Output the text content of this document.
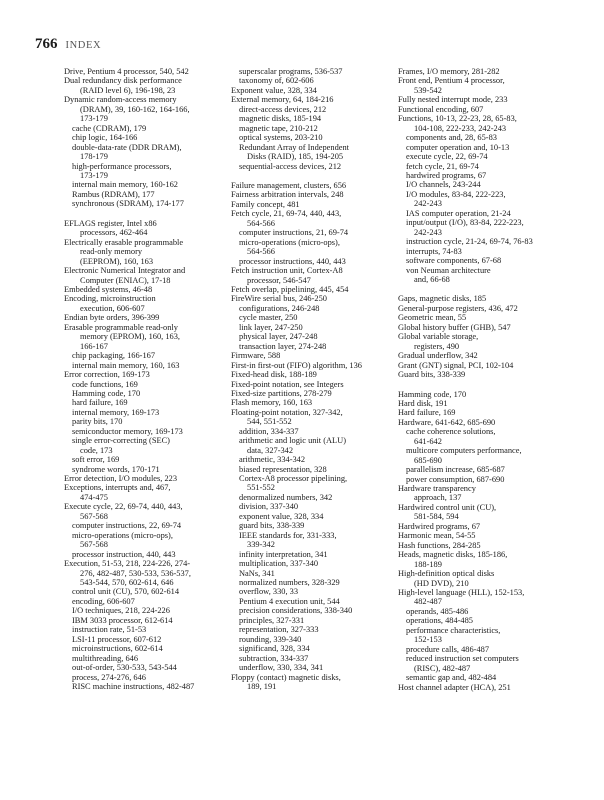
766 INDEX
Drive, Pentium 4 processor, 540, 542
Dual redundancy disk performance
(RAID level 6), 196-198, 23
Dynamic random-access memory
(DRAM), 39, 160-162, 164-166,
173-179
cache (CDRAM), 179
chip logic, 164-166
double-data-rate (DDR DRAM),
178-179
high-performance processors,
173-179
internal main memory, 160-162
Rambus (RDRAM), 177
synchronous (SDRAM), 174-177
EFLAGS register, Intel x86
processors, 462-464
Electrically erasable programmable
read-only memory
(EEPROM), 160, 163
Electronic Numerical Integrator and
Computer (ENIAC), 17-18
Embedded systems, 46-48
Encoding, microinstruction
execution, 606-607
Endian byte orders, 396-399
Erasable programmable read-only
memory (EPROM), 160, 163,
166-167
chip packaging, 166-167
internal main memory, 160, 163
Error correction, 169-173
code functions, 169
Hamming code, 170
hard failure, 169
internal memory, 169-173
parity bits, 170
semiconductor memory, 169-173
single error-correcting (SEC)
code, 173
soft error, 169
syndrome words, 170-171
Error detection, I/O modules, 223
Exceptions, interrupts and, 467,
474-475
Execute cycle, 22, 69-74, 440, 443,
567-568
computer instructions, 22, 69-74
micro-operations (micro-ops),
567-568
processor instruction, 440, 443
Execution, 51-53, 218, 224-226, 274-
276, 482-487, 530-533, 536-537,
543-544, 570, 602-614, 646
control unit (CU), 570, 602-614
encoding, 606-607
I/O techniques, 218, 224-226
IBM 3033 processor, 612-614
instruction rate, 51-53
LSI-11 processor, 607-612
microinstructions, 602-614
multithreading, 646
out-of-order, 530-533, 543-544
process, 274-276, 646
RISC machine instructions, 482-487
superscalar programs, 536-537
taxonomy of, 602-606
Exponent value, 328, 334
External memory, 64, 184-216
direct-access devices, 212
magnetic disks, 185-194
magnetic tape, 210-212
optical systems, 203-210
Redundant Array of Independent
Disks (RAID), 185, 194-205
sequential-access devices, 212
Failure management, clusters, 656
Fairness arbitration intervals, 248
Family concept, 481
Fetch cycle, 21, 69-74, 440, 443,
564-566
computer instructions, 21, 69-74
micro-operations (micro-ops),
564-566
processor instructions, 440, 443
Fetch instruction unit, Cortex-A8
processor, 546-547
Fetch overlap, pipelining, 445, 454
FireWire serial bus, 246-250
configurations, 246-248
cycle master, 250
link layer, 247-250
physical layer, 247-248
transaction layer, 274-248
Firmware, 588
First-in first-out (FIFO) algorithm, 136
Fixed-head disk, 188-189
Fixed-point notation, see Integers
Fixed-size partitions, 278-279
Flash memory, 160, 163
Floating-point notation, 327-342,
544, 551-552
addition, 334-337
arithmetic and logic unit (ALU)
data, 327-342
arithmetic, 334-342
biased representation, 328
Cortex-A8 processor pipelining,
551-552
denormalized numbers, 342
division, 337-340
exponent value, 328, 334
guard bits, 338-339
IEEE standards for, 331-333,
339-342
infinity interpretation, 341
multiplication, 337-340
NaNs, 341
normalized numbers, 328-329
overflow, 330, 33
Pentium 4 execution unit, 544
precision considerations, 338-340
principles, 327-331
representation, 327-333
rounding, 339-340
significand, 328, 334
subtraction, 334-337
underflow, 330, 334, 341
Floppy (contact) magnetic disks,
189, 191
Frames, I/O memory, 281-282
Front end, Pentium 4 processor,
539-542
Fully nested interrupt mode, 233
Functional encoding, 607
Functions, 10-13, 22-23, 28, 65-83,
104-108, 222-233, 242-243
components and, 28, 65-83
computer operation and, 10-13
execute cycle, 22, 69-74
fetch cycle, 21, 69-74
hardwired programs, 67
I/O channels, 243-244
I/O modules, 83-84, 222-223,
242-243
IAS computer operation, 21-24
input/output (I/O), 83-84, 222-223,
242-243
instruction cycle, 21-24, 69-74, 76-83
interrupts, 74-83
software components, 67-68
von Neuman architecture
and, 66-68
Gaps, magnetic disks, 185
General-purpose registers, 436, 472
Geometric mean, 55
Global history buffer (GHB), 547
Global variable storage,
registers, 490
Gradual underflow, 342
Grant (GNT) signal, PCI, 102-104
Guard bits, 338-339
Hamming code, 170
Hard disk, 191
Hard failure, 169
Hardware, 641-642, 685-690
cache coherence solutions,
641-642
multicore computers performance,
685-690
parallelism increase, 685-687
power consumption, 687-690
Hardware transparency
approach, 137
Hardwired control unit (CU),
581-584, 594
Hardwired programs, 67
Harmonic mean, 54-55
Hash functions, 284-285
Heads, magnetic disks, 185-186,
188-189
High-definition optical disks
(HD DVD), 210
High-level language (HLL), 152-153,
482-487
operands, 485-486
operations, 484-485
performance characteristics,
152-153
procedure calls, 486-487
reduced instruction set computers
(RISC), 482-487
semantic gap and, 482-484
Host channel adapter (HCA), 251
